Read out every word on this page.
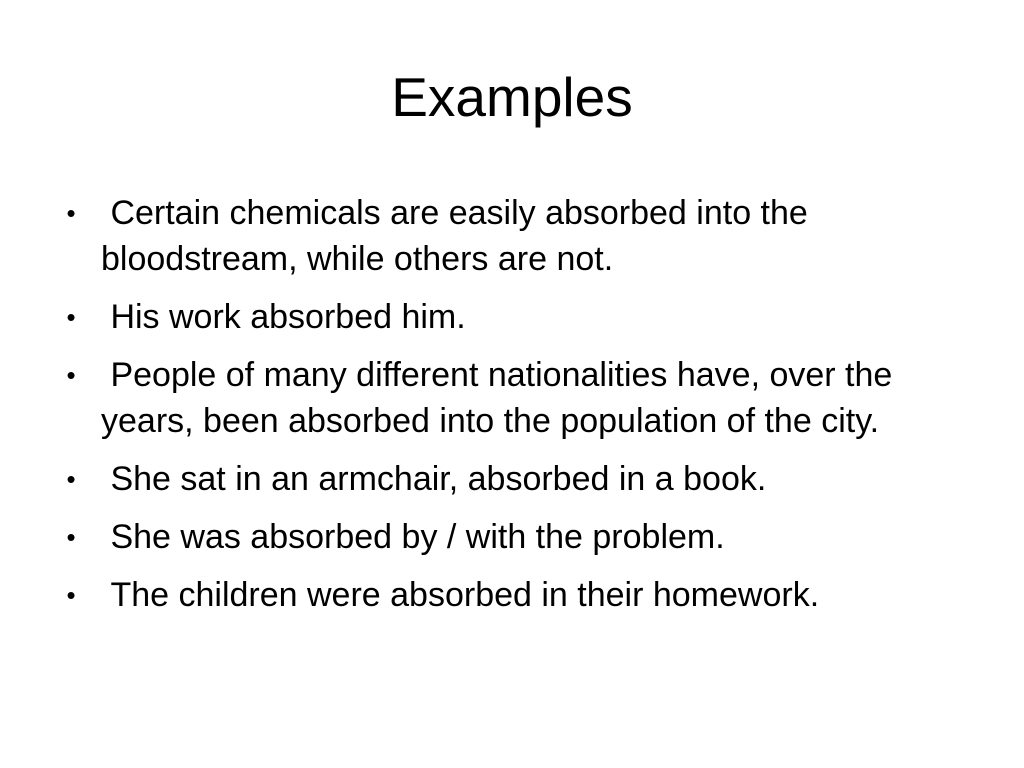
Examples
• Certain chemicals are easily absorbed into the bloodstream, while others are not.
• His work absorbed him.
• People of many different nationalities have, over the years, been absorbed into the population of the city.
• She sat in an armchair, absorbed in a book.
• She was absorbed by / with the problem.
• The children were absorbed in their homework.
